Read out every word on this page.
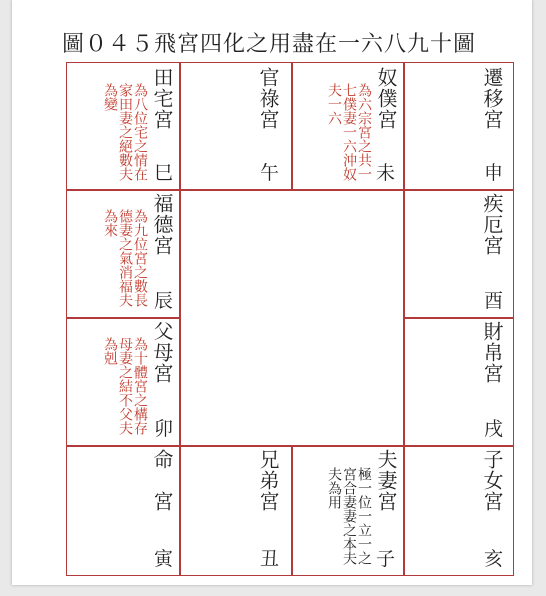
圖０４５飛宮四化之用盡在一六八九十圖
田宅宮
為八位宅之情在家田妻之絕數夫為變
巳
官祿宮
午
奴僕宮
為六宗宮之共一七僕妻一六沖奴夫一六
未
遷移宮
申
福德宮
為九位宮之數長德妻之氣消福夫為來
辰
疾厄宮
酉
父母宮
為十體宮之構存母妻之結不父夫為剋
卯
財帛宮
戌
命宮
寅
兄弟宮
丑
夫妻宮
極一位一立一之宮合妻妻之本夫夫為用
子
子女宮
亥
